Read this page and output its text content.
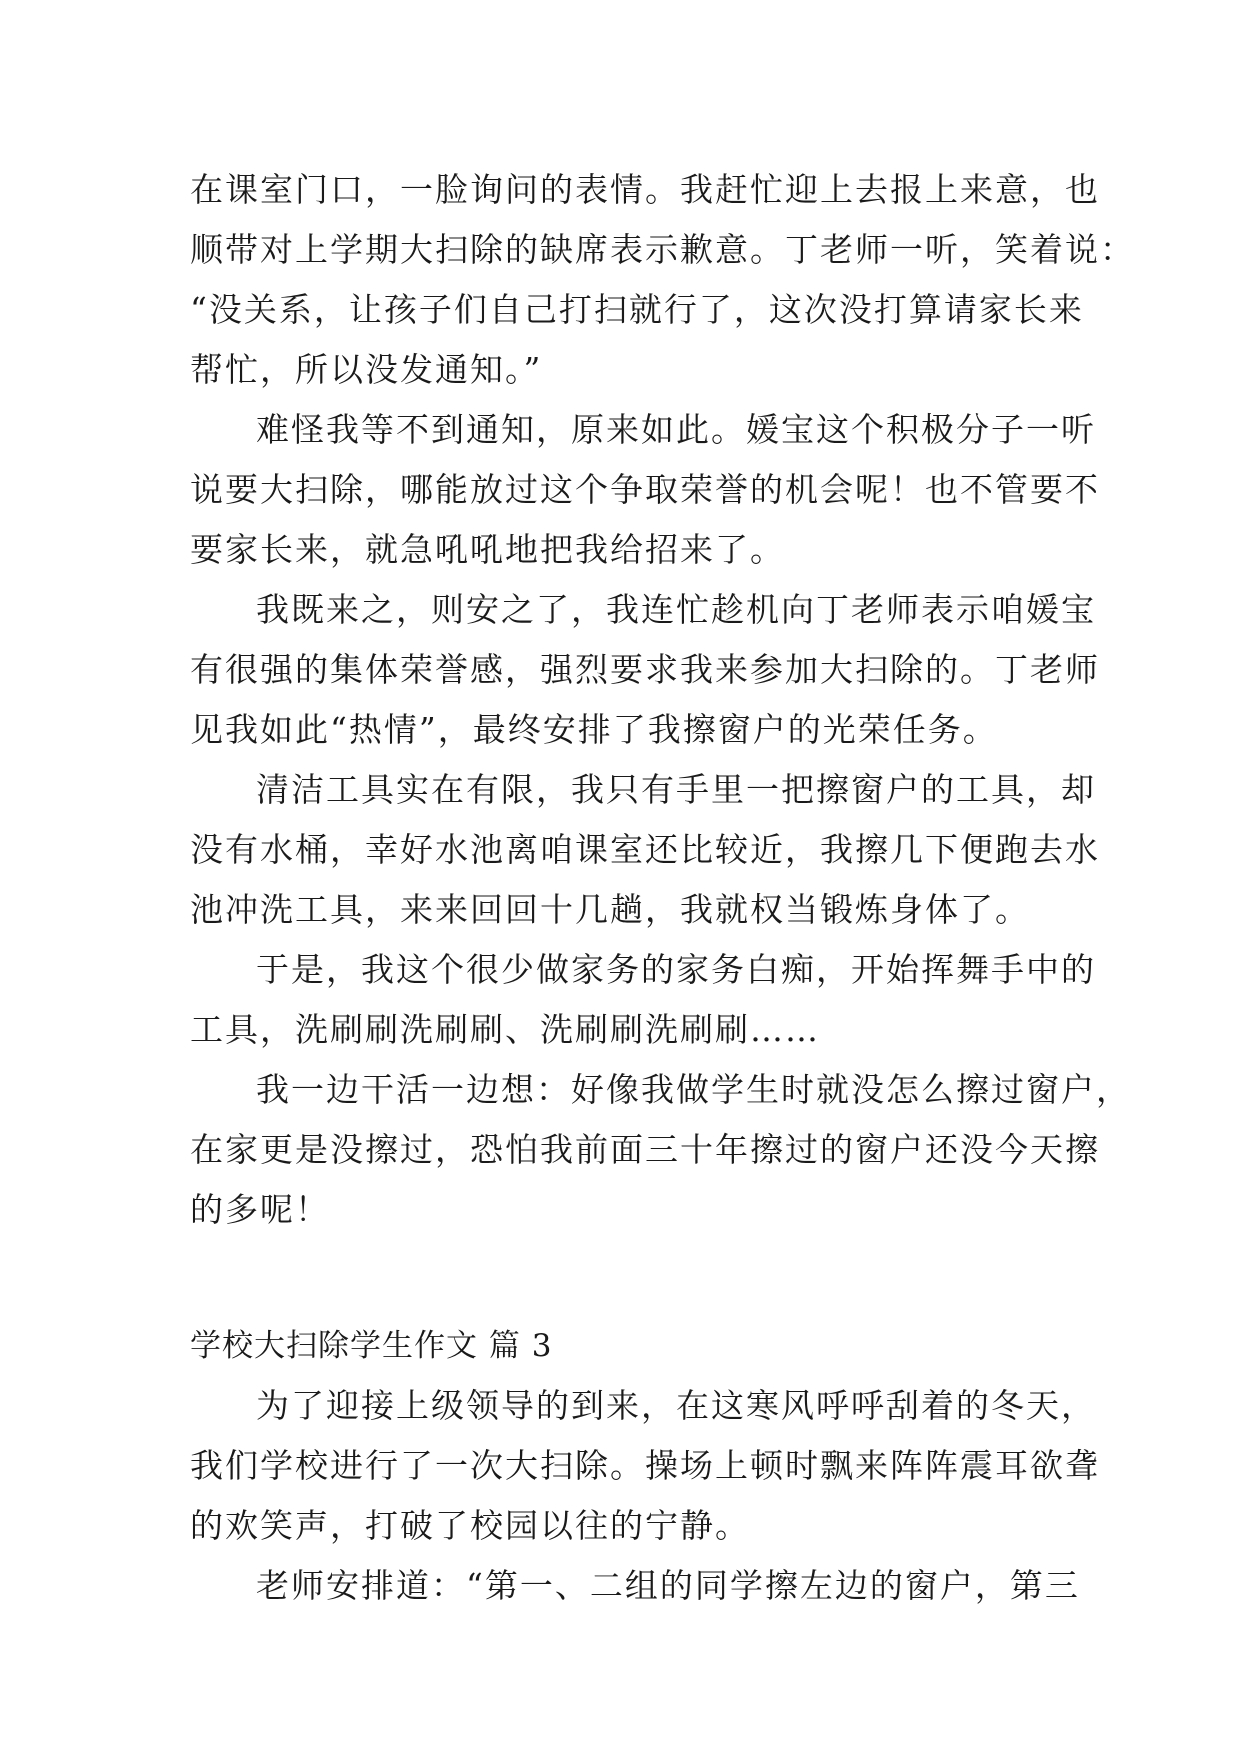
在课室门口，一脸询问的表情。我赶忙迎上去报上来意，也
顺带对上学期大扫除的缺席表示歉意。丁老师一听，笑着说：
“没关系，让孩子们自己打扫就行了，这次没打算请家长来
帮忙，所以没发通知。”
难怪我等不到通知，原来如此。媛宝这个积极分子一听
说要大扫除，哪能放过这个争取荣誉的机会呢！也不管要不
要家长来，就急吼吼地把我给招来了。
我既来之，则安之了，我连忙趁机向丁老师表示咱媛宝
有很强的集体荣誉感，强烈要求我来参加大扫除的。丁老师
见我如此“热情”，最终安排了我擦窗户的光荣任务。
清洁工具实在有限，我只有手里一把擦窗户的工具，却
没有水桶，幸好水池离咱课室还比较近，我擦几下便跑去水
池冲洗工具，来来回回十几趟，我就权当锻炼身体了。
于是，我这个很少做家务的家务白痴，开始挥舞手中的
工具，洗刷刷洗刷刷、洗刷刷洗刷刷……
我一边干活一边想：好像我做学生时就没怎么擦过窗户，
在家更是没擦过，恐怕我前面三十年擦过的窗户还没今天擦
的多呢！
学校大扫除学生作文 篇 3
为了迎接上级领导的到来，在这寒风呼呼刮着的冬天，
我们学校进行了一次大扫除。操场上顿时飘来阵阵震耳欲聋
的欢笑声，打破了校园以往的宁静。
老师安排道：“第一、二组的同学擦左边的窗户，第三
